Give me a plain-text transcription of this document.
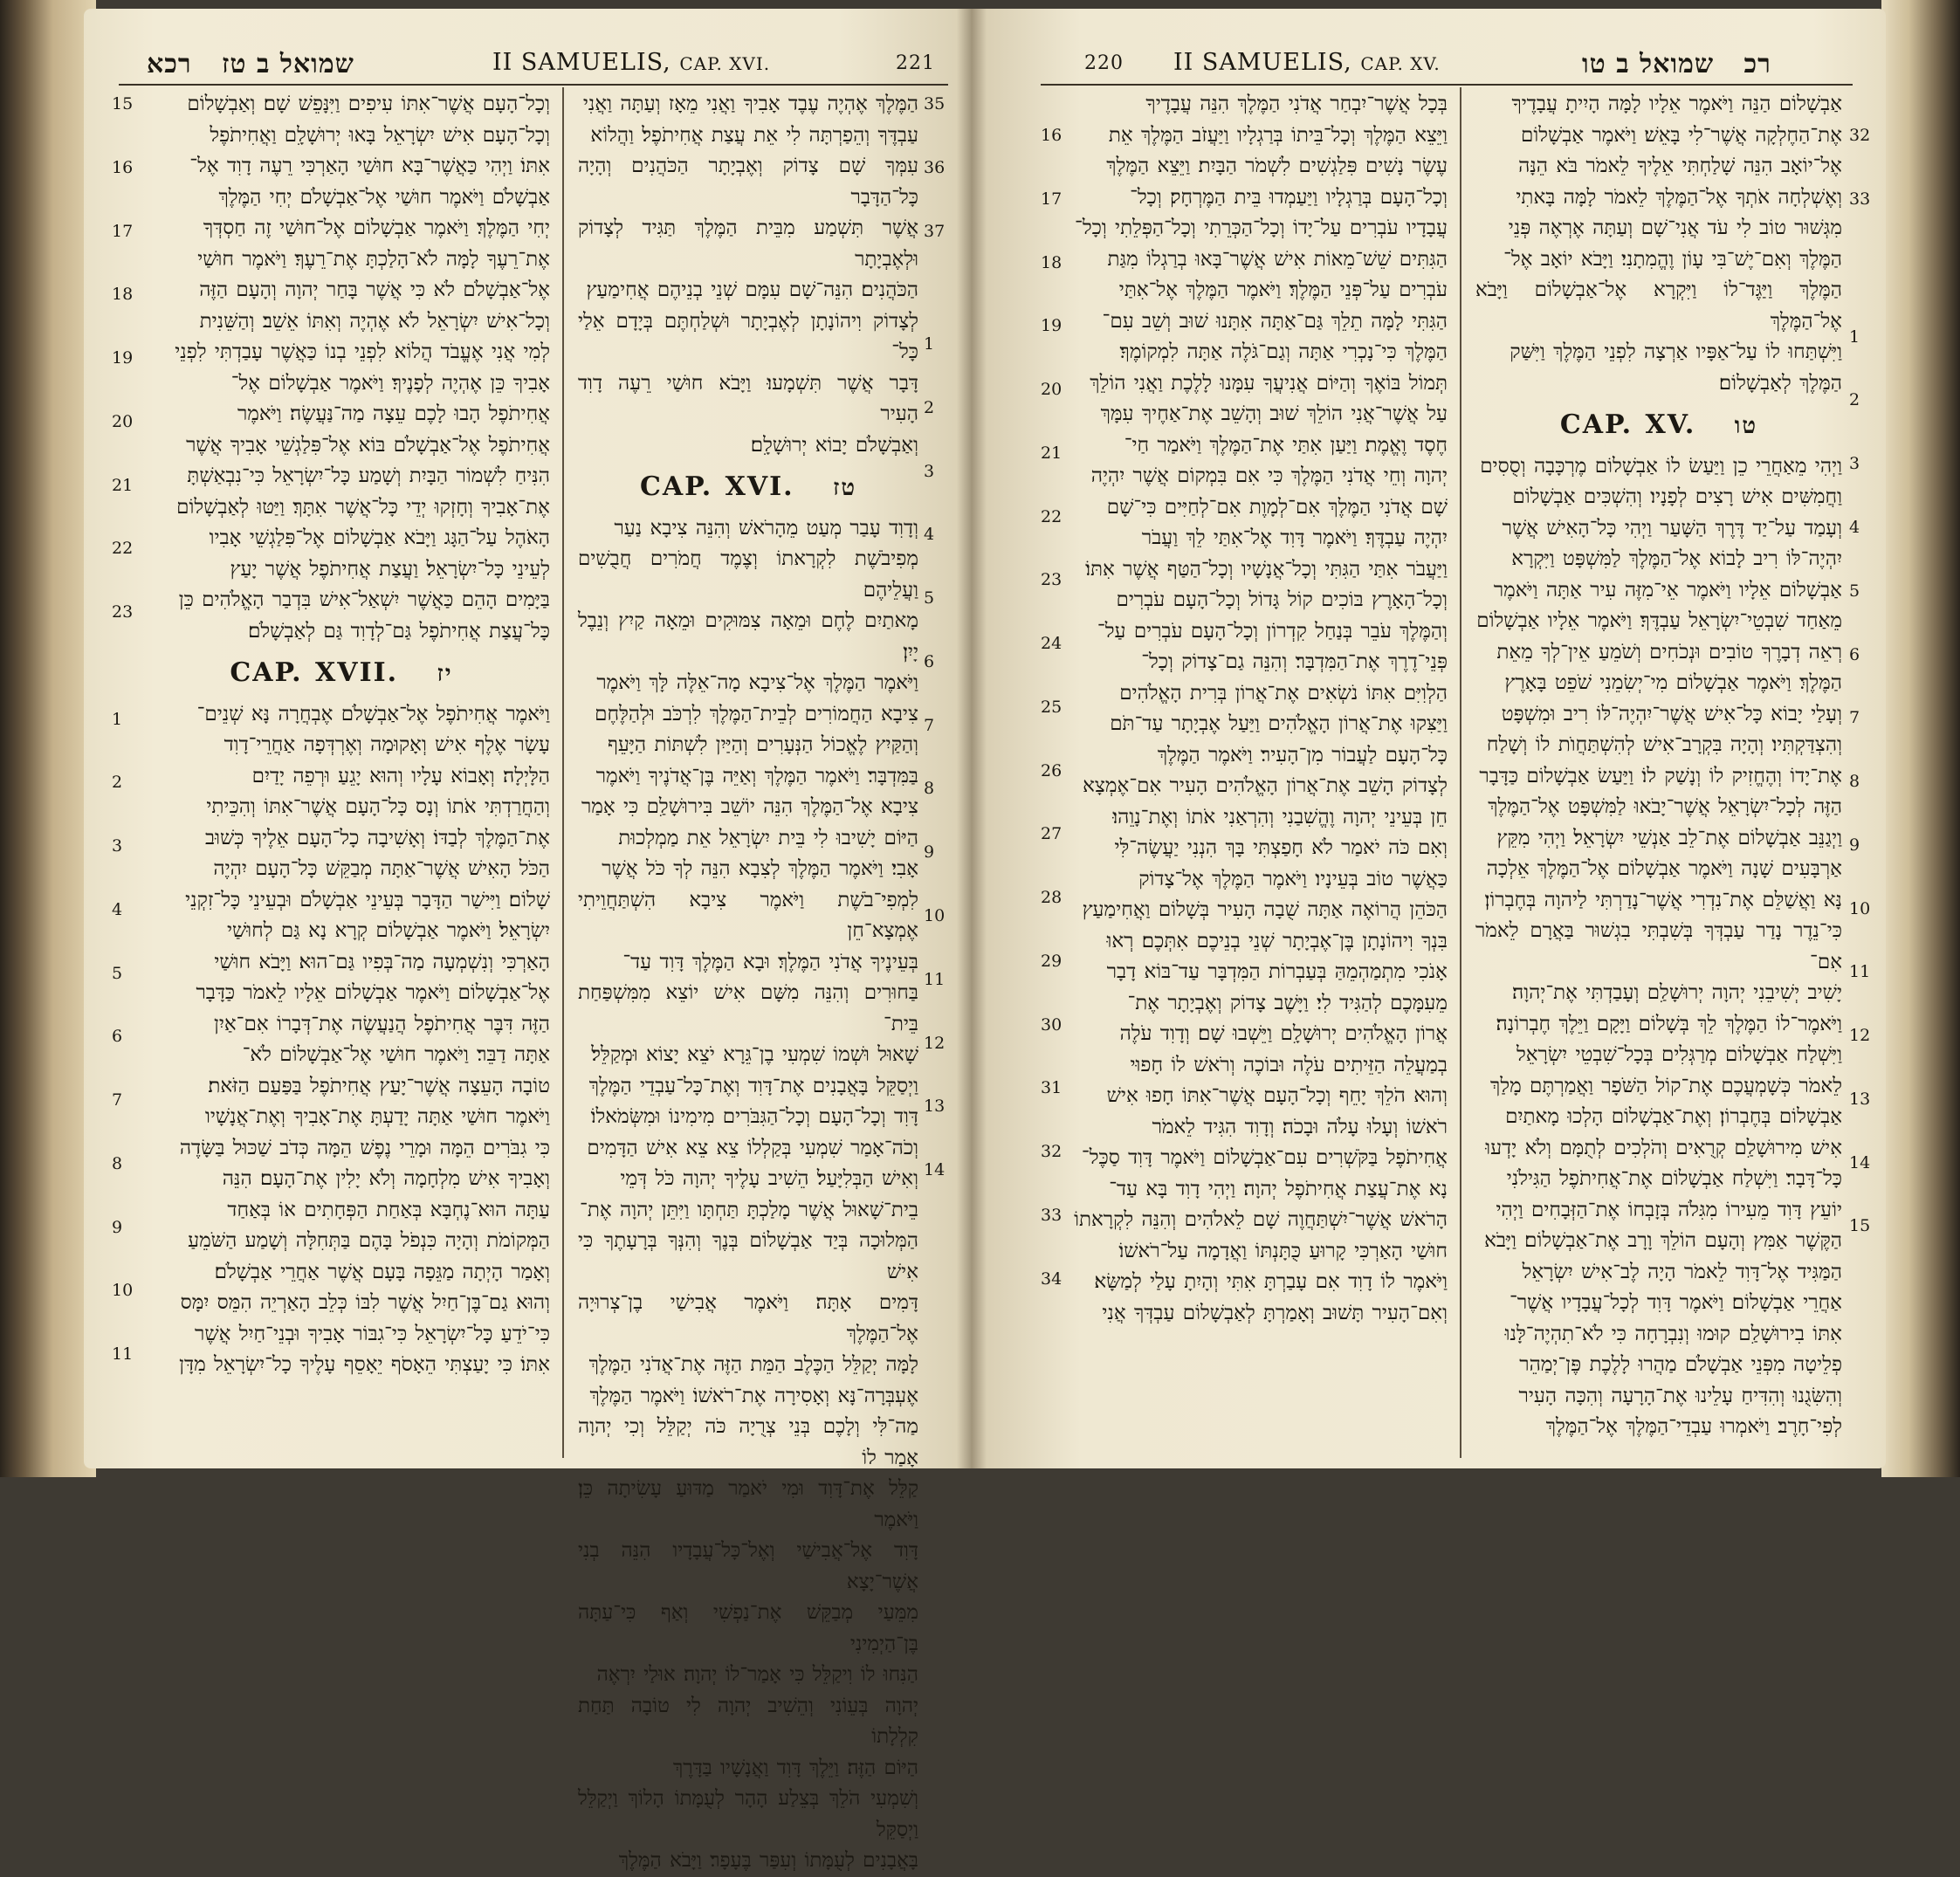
שמואל ב טז   רכא	II SAMUELIS, CAP. XVI.	221

וְכָל־הָעָם אֲשֶׁר־אִתּוֹ עִיפִים וַיִּנָּפֵשׁ שָׁם׃ וְאַבְשָׁלוֹם

וְכָל־הָעָם אִישׁ יִשְׂרָאֵל בָּאוּ יְרוּשָׁלִָם וַאֲחִיתֹפֶל

אִתּוֹ׃ וַיְהִי כַּאֲשֶׁר־בָּא חוּשַׁי הָאַרְכִּי רֵעֶה דָוִד אֶל־

אַבְשָׁלֹם וַיֹּאמֶר חוּשַׁי אֶל־אַבְשָׁלֹם יְחִי הַמֶּלֶךְ

יְחִי הַמֶּלֶךְ׃ וַיֹּאמֶר אַבְשָׁלוֹם אֶל־חוּשַׁי זֶה חַסְדְּךָ

אֶת־רֵעֶךָ לָמָּה לֹא־הָלַכְתָּ אֶת־רֵעֶךָ׃ וַיֹּאמֶר חוּשַׁי

אֶל־אַבְשָׁלֹם לֹא כִּי אֲשֶׁר בָּחַר יְהוָה וְהָעָם הַזֶּה

וְכָל־אִישׁ יִשְׂרָאֵל לֹא אֶהְיֶה וְאִתּוֹ אֵשֵׁב׃ וְהַשֵּׁנִית

לְמִי אֲנִי אֶעֱבֹד הֲלוֹא לִפְנֵי בְנוֹ כַּאֲשֶׁר עָבַדְתִּי לִפְנֵי

אָבִיךָ כֵּן אֶהְיֶה לְפָנֶיךָ׃ וַיֹּאמֶר אַבְשָׁלוֹם אֶל־

אֲחִיתֹפֶל הָבוּ לָכֶם עֵצָה מַה־נַּעֲשֶׂה׃ וַיֹּאמֶר

אֲחִיתֹפֶל אֶל־אַבְשָׁלֹם בּוֹא אֶל־פִּלַגְשֵׁי אָבִיךָ אֲשֶׁר

הִנִּיחַ לִשְׁמוֹר הַבָּיִת וְשָׁמַע כָּל־יִשְׂרָאֵל כִּי־נִבְאַשְׁתָּ

אֶת־אָבִיךָ וְחָזְקוּ יְדֵי כָּל־אֲשֶׁר אִתָּךְ׃ וַיַּטּוּ לְאַבְשָׁלוֹם

הָאֹהֶל עַל־הַגָּג וַיָּבֹא אַבְשָׁלוֹם אֶל־פִּלַגְשֵׁי אָבִיו

לְעֵינֵי כָּל־יִשְׂרָאֵל׃ וַעֲצַת אֲחִיתֹפֶל אֲשֶׁר יָעַץ

בַּיָּמִים הָהֵם כַּאֲשֶׁר יִשְׁאַל־אִישׁ בִּדְבַר הָאֱלֹהִים כֵּן

כָּל־עֲצַת אֲחִיתֹפֶל גַּם־לְדָוִד גַּם לְאַבְשָׁלֹם׃

CAP. XVII. יז

וַיֹּאמֶר אֲחִיתֹפֶל אֶל־אַבְשָׁלֹם אֶבְחֲרָה נָּא שְׁנֵים־

עָשָׂר אֶלֶף אִישׁ וְאָקוּמָה וְאֶרְדְּפָה אַחֲרֵי־דָוִד

הַלָּיְלָה׃ וְאָבוֹא עָלָיו וְהוּא יָגֵעַ וּרְפֵה יָדַיִם

וְהַחֲרַדְתִּי אֹתוֹ וְנָס כָּל־הָעָם אֲשֶׁר־אִתּוֹ וְהִכֵּיתִי

אֶת־הַמֶּלֶךְ לְבַדּוֹ׃ וְאָשִׁיבָה כָל־הָעָם אֵלֶיךָ כְּשׁוּב

הַכֹּל הָאִישׁ אֲשֶׁר־אַתָּה מְבַקֵּשׁ כָּל־הָעָם יִהְיֶה

שָׁלוֹם׃ וַיִּישַׁר הַדָּבָר בְּעֵינֵי אַבְשָׁלֹם וּבְעֵינֵי כָּל־זִקְנֵי

יִשְׂרָאֵל׃ וַיֹּאמֶר אַבְשָׁלוֹם קְרָא נָא גַּם לְחוּשַׁי

הָאַרְכִּי וְנִשְׁמְעָה מַה־בְּפִיו גַּם־הוּא׃ וַיָּבֹא חוּשַׁי

אֶל־אַבְשָׁלוֹם וַיֹּאמֶר אַבְשָׁלוֹם אֵלָיו לֵאמֹר כַּדָּבָר

הַזֶּה דִּבֶּר אֲחִיתֹפֶל הֲנַעֲשֶׂה אֶת־דְּבָרוֹ אִם־אַיִן

אַתָּה דַבֵּר׃ וַיֹּאמֶר חוּשַׁי אֶל־אַבְשָׁלוֹם לֹא־

טוֹבָה הָעֵצָה אֲשֶׁר־יָעַץ אֲחִיתֹפֶל בַּפַּעַם הַזֹּאת׃

וַיֹּאמֶר חוּשַׁי אַתָּה יָדַעְתָּ אֶת־אָבִיךָ וְאֶת־אֲנָשָׁיו

כִּי גִבֹּרִים הֵמָּה וּמָרֵי נֶפֶשׁ הֵמָּה כְּדֹב שַׁכּוּל בַּשָּׂדֶה

וְאָבִיךָ אִישׁ מִלְחָמָה וְלֹא יָלִין אֶת־הָעָם׃ הִנֵּה

עַתָּה הוּא־נֶחְבָּא בְּאַחַת הַפְּחָתִים אוֹ בְּאַחַד

הַמְּקוֹמֹת וְהָיָה כִּנְפֹל בָּהֶם בַּתְּחִלָּה וְשָׁמַע הַשֹּׁמֵעַ

וְאָמַר הָיְתָה מַגֵּפָה בָּעָם אֲשֶׁר אַחֲרֵי אַבְשָׁלֹם׃

וְהוּא גַם־בֶּן־חַיִל אֲשֶׁר לִבּוֹ כְּלֵב הָאַרְיֵה הִמֵּס יִמָּס

כִּי־יֹדֵעַ כָּל־יִשְׂרָאֵל כִּי־גִבּוֹר אָבִיךָ וּבְנֵי־חַיִל אֲשֶׁר

אִתּוֹ׃ כִּי יָעַצְתִּי הֵאָסֹף יֵאָסֵף עָלֶיךָ כָל־יִשְׂרָאֵל מִדָּן

15
16
17
18
19
20
21
22
23
1
2
3
4
5
6
7
8
9
10
11

הַמֶּלֶךְ אֶהְיֶה עֶבֶד אָבִיךָ וַאֲנִי מֵאָז וְעַתָּה וַאֲנִי

עַבְדֶּךָ וְהֵפַרְתָּה לִי אֵת עֲצַת אֲחִיתֹפֶל׃ וַהֲלוֹא

עִמְּךָ שָׁם צָדוֹק וְאֶבְיָתָר הַכֹּהֲנִים וְהָיָה כָּל־הַדָּבָר

אֲשֶׁר תִּשְׁמַע מִבֵּית הַמֶּלֶךְ תַּגִּיד לְצָדוֹק וּלְאֶבְיָתָר

הַכֹּהֲנִים׃ הִנֵּה־שָׁם עִמָּם שְׁנֵי בְנֵיהֶם אֲחִימַעַץ

לְצָדוֹק וִיהוֹנָתָן לְאֶבְיָתָר וּשְׁלַחְתֶּם בְּיָדָם אֵלַי כָּל־

דָּבָר אֲשֶׁר תִּשְׁמָעוּ׃ וַיָּבֹא חוּשַׁי רֵעֶה דָוִד הָעִיר

וְאַבְשָׁלֹם יָבוֹא יְרוּשָׁלִָם׃

CAP. XVI. טז

וְדָוִד עָבַר מְעַט מֵהָרֹאשׁ וְהִנֵּה צִיבָא נַעַר

מְפִיבֹשֶׁת לִקְרָאתוֹ וְצֶמֶד חֲמֹרִים חֲבֻשִׁים וַעֲלֵיהֶם

מָאתַיִם לֶחֶם וּמֵאָה צִמּוּקִים וּמֵאָה קַיִץ וְנֵבֶל יָיִן׃

וַיֹּאמֶר הַמֶּלֶךְ אֶל־צִיבָא מָה־אֵלֶּה לָּךְ וַיֹּאמֶר

צִיבָא הַחֲמוֹרִים לְבֵית־הַמֶּלֶךְ לִרְכֹּב וּלְהַלֶּחֶם

וְהַקַּיִץ לֶאֱכוֹל הַנְּעָרִים וְהַיַּיִן לִשְׁתּוֹת הַיָּעֵף

בַּמִּדְבָּר׃ וַיֹּאמֶר הַמֶּלֶךְ וְאַיֵּה בֶּן־אֲדֹנֶיךָ וַיֹּאמֶר

צִיבָא אֶל־הַמֶּלֶךְ הִנֵּה יוֹשֵׁב בִּירוּשָׁלִַם כִּי אָמַר

הַיּוֹם יָשִׁיבוּ לִי בֵּית יִשְׂרָאֵל אֵת מַמְלְכוּת

אָבִי׃ וַיֹּאמֶר הַמֶּלֶךְ לְצִבָא הִנֵּה לְךָ כֹּל אֲשֶׁר

לִמְפִי־בֹשֶׁת וַיֹּאמֶר צִיבָא הִשְׁתַּחֲוֵיתִי אֶמְצָא־חֵן

בְּעֵינֶיךָ אֲדֹנִי הַמֶּלֶךְ׃ וּבָא הַמֶּלֶךְ דָּוִד עַד־

בַּחוּרִים וְהִנֵּה מִשָּׁם אִישׁ יוֹצֵא מִמִּשְׁפַּחַת בֵּית־

שָׁאוּל וּשְׁמוֹ שִׁמְעִי בֶן־גֵּרָא יֹצֵא יָצוֹא וּמְקַלֵּל׃

וַיְסַקֵּל בָּאֲבָנִים אֶת־דָּוִד וְאֶת־כָּל־עַבְדֵי הַמֶּלֶךְ

דָּוִד וְכָל־הָעָם וְכָל־הַגִּבֹּרִים מִימִינוֹ וּמִשְּׂמֹאלוֹ׃

וְכֹה־אָמַר שִׁמְעִי בְּקַלְלוֹ צֵא צֵא אִישׁ הַדָּמִים

וְאִישׁ הַבְּלִיָּעַל׃ הֵשִׁיב עָלֶיךָ יְהוָה כֹּל דְּמֵי

בֵית־שָׁאוּל אֲשֶׁר מָלַכְתָּ תַּחְתָּו וַיִּתֵּן יְהוָה אֶת־

הַמְּלוּכָה בְּיַד אַבְשָׁלוֹם בְּנֶךָ וְהִנְּךָ בְּרָעָתֶךָ כִּי אִישׁ

דָּמִים אָתָּה׃ וַיֹּאמֶר אֲבִישַׁי בֶן־צְרוּיָה אֶל־הַמֶּלֶךְ

לָמָּה יְקַלֵּל הַכֶּלֶב הַמֵּת הַזֶּה אֶת־אֲדֹנִי הַמֶּלֶךְ

אֶעְבְּרָה־נָּא וְאָסִירָה אֶת־רֹאשׁוֹ׃ וַיֹּאמֶר הַמֶּלֶךְ

מַה־לִּי וְלָכֶם בְּנֵי צְרֻיָה כֹּה יְקַלֵּל וְכִי יְהוָה אָמַר לוֹ

קַלֵּל אֶת־דָּוִד וּמִי יֹאמַר מַדּוּעַ עָשִׂיתָה כֵּן׃ וַיֹּאמֶר

דָּוִד אֶל־אֲבִישַׁי וְאֶל־כָּל־עֲבָדָיו הִנֵּה בְנִי אֲשֶׁר־יָצָא

מִמֵּעַי מְבַקֵּשׁ אֶת־נַפְשִׁי וְאַף כִּי־עַתָּה בֶּן־הַיְמִינִי

הַנִּחוּ לוֹ וִיקַלֵּל כִּי אָמַר־לוֹ יְהוָה׃ אוּלַי יִרְאֶה

יְהוָה בְּעֵוֹנִי וְהֵשִׁיב יְהוָה לִי טוֹבָה תַּחַת קִלְלָתוֹ

הַיּוֹם הַזֶּה׃ וַיֵּלֶךְ דָּוִד וַאֲנָשָׁיו בַּדָּרֶךְ

וְשִׁמְעִי הֹלֵךְ בְּצֵלַע הָהָר לְעֻמָּתוֹ הָלוֹךְ וַיְקַלֵּל וַיְסַקֵּל

בָּאֲבָנִים לְעֻמָּתוֹ וְעִפַּר בֶּעָפָר׃ וַיָּבֹא הַמֶּלֶךְ

35
36
37
1
2
3
4
5
6
7
8
9
10
11
12
13
14
220 II SAMUELIS, CAP. XV.	רכ   שמואל ב טו

בְּכָל אֲשֶׁר־יִבְחַר אֲדֹנִי הַמֶּלֶךְ הִנֵּה עֲבָדֶיךָ

וַיֵּצֵא הַמֶּלֶךְ וְכָל־בֵּיתוֹ בְּרַגְלָיו וַיַּעֲזֹב הַמֶּלֶךְ אֵת

עֶשֶׂר נָשִׁים פִּלַגְשִׁים לִשְׁמֹר הַבָּיִת׃ וַיֵּצֵא הַמֶּלֶךְ

וְכָל־הָעָם בְּרַגְלָיו וַיַּעַמְדוּ בֵּית הַמֶּרְחָק׃ וְכָל־

עֲבָדָיו עֹבְרִים עַל־יָדוֹ וְכָל־הַכְּרֵתִי וְכָל־הַפְּלֵתִי וְכָל־

הַגִּתִּים שֵׁשׁ־מֵאוֹת אִישׁ אֲשֶׁר־בָּאוּ בְרַגְלוֹ מִגַּת

עֹבְרִים עַל־פְּנֵי הַמֶּלֶךְ׃ וַיֹּאמֶר הַמֶּלֶךְ אֶל־אִתַּי

הַגִּתִּי לָמָּה תֵלֵךְ גַּם־אַתָּה אִתָּנוּ שׁוּב וְשֵׁב עִם־

הַמֶּלֶךְ כִּי־נָכְרִי אַתָּה וְגַם־גֹּלֶה אַתָּה לִמְקוֹמֶךָ׃

תְּמוֹל בּוֹאֶךָ וְהַיּוֹם אֲנִיעֲךָ עִמָּנוּ לָלֶכֶת וַאֲנִי הוֹלֵךְ

עַל אֲשֶׁר־אֲנִי הוֹלֵךְ שׁוּב וְהָשֵׁב אֶת־אַחֶיךָ עִמָּךְ

חֶסֶד וֶאֱמֶת׃ וַיַּעַן אִתַּי אֶת־הַמֶּלֶךְ וַיֹּאמַר חַי־

יְהוָה וְחֵי אֲדֹנִי הַמֶּלֶךְ כִּי אִם בִּמְקוֹם אֲשֶׁר יִהְיֶה

שָׁם אֲדֹנִי הַמֶּלֶךְ אִם־לְמָוֶת אִם־לְחַיִּים כִּי־שָׁם

יִהְיֶה עַבְדֶּךָ׃ וַיֹּאמֶר דָּוִד אֶל־אִתַּי לֵךְ וַעֲבֹר

וַיַּעֲבֹר אִתַּי הַגִּתִּי וְכָל־אֲנָשָׁיו וְכָל־הַטַּף אֲשֶׁר אִתּוֹ׃

וְכָל־הָאָרֶץ בּוֹכִים קוֹל גָּדוֹל וְכָל־הָעָם עֹבְרִים

וְהַמֶּלֶךְ עֹבֵר בְּנַחַל קִדְרוֹן וְכָל־הָעָם עֹבְרִים עַל־

פְּנֵי־דֶרֶךְ אֶת־הַמִּדְבָּר׃ וְהִנֵּה גַם־צָדוֹק וְכָל־

הַלְוִיִּם אִתּוֹ נֹשְׂאִים אֶת־אֲרוֹן בְּרִית הָאֱלֹהִים

וַיַּצִּקוּ אֶת־אֲרוֹן הָאֱלֹהִים וַיַּעַל אֶבְיָתָר עַד־תֹּם

כָּל־הָעָם לַעֲבוֹר מִן־הָעִיר׃ וַיֹּאמֶר הַמֶּלֶךְ

לְצָדוֹק הָשֵׁב אֶת־אֲרוֹן הָאֱלֹהִים הָעִיר אִם־אֶמְצָא

חֵן בְּעֵינֵי יְהוָה וֶהֱשִׁבַנִי וְהִרְאַנִי אֹתוֹ וְאֶת־נָוֵהוּ׃

וְאִם כֹּה יֹאמַר לֹא חָפַצְתִּי בָּךְ הִנְנִי יַעֲשֶׂה־לִּי

כַּאֲשֶׁר טוֹב בְּעֵינָיו׃ וַיֹּאמֶר הַמֶּלֶךְ אֶל־צָדוֹק

הַכֹּהֵן הֲרוֹאֶה אַתָּה שֻׁבָה הָעִיר בְּשָׁלוֹם וַאֲחִימַעַץ

בִּנְךָ וִיהוֹנָתָן בֶּן־אֶבְיָתָר שְׁנֵי בְנֵיכֶם אִתְּכֶם׃ רְאוּ

אָנֹכִי מִתְמַהְמֵהַּ בְּעַבְרוֹת הַמִּדְבָּר עַד־בּוֹא דָבָר

מֵעִמָּכֶם לְהַגִּיד לִי׃ וַיָּשֶׁב צָדוֹק וְאֶבְיָתָר אֶת־

אֲרוֹן הָאֱלֹהִים יְרוּשָׁלִָם וַיֵּשְׁבוּ שָׁם׃ וְדָוִד עֹלֶה

בְמַעֲלֵה הַזֵּיתִים עֹלֶה וּבוֹכֶה וְרֹאשׁ לוֹ חָפוּי

וְהוּא הֹלֵךְ יָחֵף וְכָל־הָעָם אֲשֶׁר־אִתּוֹ חָפוּ אִישׁ

רֹאשׁוֹ וְעָלוּ עָלֹה וּבָכֹה׃ וְדָוִד הִגִּיד לֵאמֹר

אֲחִיתֹפֶל בַּקֹּשְׁרִים עִם־אַבְשָׁלוֹם וַיֹּאמֶר דָּוִד סַכֶּל־

נָא אֶת־עֲצַת אֲחִיתֹפֶל יְהוָה׃ וַיְהִי דָוִד בָּא עַד־

הָרֹאשׁ אֲשֶׁר־יִשְׁתַּחֲוֶה שָׁם לֵאלֹהִים וְהִנֵּה לִקְרָאתוֹ

חוּשַׁי הָאַרְכִּי קָרוּעַ כֻּתָּנְתּוֹ וַאֲדָמָה עַל־רֹאשׁוֹ׃

וַיֹּאמֶר לוֹ דָוִד אִם עָבַרְתָּ אִתִּי וְהָיִתָ עָלַי לְמַשָּׂא׃

וְאִם־הָעִיר תָּשׁוּב וְאָמַרְתָּ לְאַבְשָׁלוֹם עַבְדְּךָ אֲנִי

16
17
18
19
20
21
22
23
24
25
26
27
28
29
30
31
32
33
34

אַבְשָׁלוֹם הַנֵּה וַיֹּאמֶר אֵלָיו לָמָּה הָיִיתָ עֲבָדֶיךָ

אֶת־הַחֶלְקָה אֲשֶׁר־לִי בָּאֵשׁ׃ וַיֹּאמֶר אַבְשָׁלוֹם

אֶל־יוֹאָב הִנֵּה שָׁלַחְתִּי אֵלֶיךָ לֵאמֹר בֹּא הֵנָּה

וְאֶשְׁלְחָה אֹתְךָ אֶל־הַמֶּלֶךְ לֵאמֹר לָמָּה בָּאתִי

מִגְּשׁוּר טוֹב לִי עֹד אֲנִי־שָׁם וְעַתָּה אֶרְאֶה פְּנֵי

הַמֶּלֶךְ וְאִם־יֶשׁ־בִּי עָוֹן וֶהֱמִתָנִי׃ וַיָּבֹא יוֹאָב אֶל־

הַמֶּלֶךְ וַיַּגֶּד־לוֹ וַיִּקְרָא אֶל־אַבְשָׁלוֹם וַיָּבֹא אֶל־הַמֶּלֶךְ

וַיִּשְׁתַּחוּ לוֹ עַל־אַפָּיו אַרְצָה לִפְנֵי הַמֶּלֶךְ וַיִּשַּׁק

הַמֶּלֶךְ לְאַבְשָׁלוֹם׃

CAP. XV. טו

וַיְהִי מֵאַחֲרֵי כֵן וַיַּעַשׂ לוֹ אַבְשָׁלוֹם מֶרְכָּבָה וְסֻסִים

וַחֲמִשִּׁים אִישׁ רָצִים לְפָנָיו׃ וְהִשְׁכִּים אַבְשָׁלוֹם

וְעָמַד עַל־יַד דֶּרֶךְ הַשָּׁעַר וַיְהִי כָּל־הָאִישׁ אֲשֶׁר

יִהְיֶה־לּוֹ רִיב לָבוֹא אֶל־הַמֶּלֶךְ לַמִּשְׁפָּט וַיִּקְרָא

אַבְשָׁלוֹם אֵלָיו וַיֹּאמֶר אֵי־מִזֶּה עִיר אַתָּה וַיֹּאמֶר

מֵאַחַד שִׁבְטֵי־יִשְׂרָאֵל עַבְדֶּךָ׃ וַיֹּאמֶר אֵלָיו אַבְשָׁלוֹם

רְאֵה דְבָרֶךָ טוֹבִים וּנְכֹחִים וְשֹׁמֵעַ אֵין־לְךָ מֵאֵת

הַמֶּלֶךְ׃ וַיֹּאמֶר אַבְשָׁלוֹם מִי־יְשִׂמֵנִי שֹׁפֵט בָּאָרֶץ

וְעָלַי יָבוֹא כָּל־אִישׁ אֲשֶׁר־יִהְיֶה־לּוֹ רִיב וּמִשְׁפָּט

וְהִצְדַּקְתִּיו׃ וְהָיָה בִּקְרָב־אִישׁ לְהִשְׁתַּחֲוֺת לוֹ וְשָׁלַח

אֶת־יָדוֹ וְהֶחֱזִיק לוֹ וְנָשַׁק לוֹ׃ וַיַּעַשׂ אַבְשָׁלוֹם כַּדָּבָר

הַזֶּה לְכָל־יִשְׂרָאֵל אֲשֶׁר־יָבֹאוּ לַמִּשְׁפָּט אֶל־הַמֶּלֶךְ

וַיְגַנֵּב אַבְשָׁלוֹם אֶת־לֵב אַנְשֵׁי יִשְׂרָאֵל׃ וַיְהִי מִקֵּץ

אַרְבָּעִים שָׁנָה וַיֹּאמֶר אַבְשָׁלוֹם אֶל־הַמֶּלֶךְ אֵלְכָה

נָּא וַאֲשַׁלֵּם אֶת־נִדְרִי אֲשֶׁר־נָדַרְתִּי לַיהוָה בְּחֶבְרוֹן׃

כִּי־נֵדֶר נָדַר עַבְדְּךָ בְּשִׁבְתִּי בִגְשׁוּר בַּאֲרָם לֵאמֹר אִם־

יָשִׁיב יְשִׁיבֵנִי יְהוָה יְרוּשָׁלִַם וְעָבַדְתִּי אֶת־יְהוָה׃

וַיֹּאמֶר־לוֹ הַמֶּלֶךְ לֵךְ בְּשָׁלוֹם וַיָּקָם וַיֵּלֶךְ חֶבְרוֹנָה׃

וַיִּשְׁלַח אַבְשָׁלוֹם מְרַגְּלִים בְּכָל־שִׁבְטֵי יִשְׂרָאֵל

לֵאמֹר כְּשָׁמְעֲכֶם אֶת־קוֹל הַשֹּׁפָר וַאֲמַרְתֶּם מָלַךְ

אַבְשָׁלוֹם בְּחֶבְרוֹן׃ וְאֶת־אַבְשָׁלוֹם הָלְכוּ מָאתַיִם

אִישׁ מִירוּשָׁלִַם קְרֻאִים וְהֹלְכִים לְתֻמָּם וְלֹא יָדְעוּ

כָּל־דָּבָר׃ וַיִּשְׁלַח אַבְשָׁלוֹם אֶת־אֲחִיתֹפֶל הַגִּילֹנִי

יוֹעֵץ דָּוִד מֵעִירוֹ מִגִּלֹה בְּזָבְחוֹ אֶת־הַזְּבָחִים וַיְהִי

הַקֶּשֶׁר אַמִּץ וְהָעָם הוֹלֵךְ וָרָב אֶת־אַבְשָׁלוֹם׃ וַיָּבֹא

הַמַּגִּיד אֶל־דָּוִד לֵאמֹר הָיָה לֶב־אִישׁ יִשְׂרָאֵל

אַחֲרֵי אַבְשָׁלוֹם׃ וַיֹּאמֶר דָּוִד לְכָל־עֲבָדָיו אֲשֶׁר־

אִתּוֹ בִירוּשָׁלִַם קוּמוּ וְנִבְרָחָה כִּי לֹא־תִהְיֶה־לָּנוּ

פְלֵיטָה מִפְּנֵי אַבְשָׁלֹם מַהֲרוּ לָלֶכֶת פֶּן־יְמַהֵר

וְהִשִּׂגֻנוּ וְהִדִּיחַ עָלֵינוּ אֶת־הָרָעָה וְהִכָּה הָעִיר

לְפִי־חָרֶב׃ וַיֹּאמְרוּ עַבְדֵי־הַמֶּלֶךְ אֶל־הַמֶּלֶךְ

32
33
1
2
3
4
5
6
7
8
9
10
11
12
13
14
15
